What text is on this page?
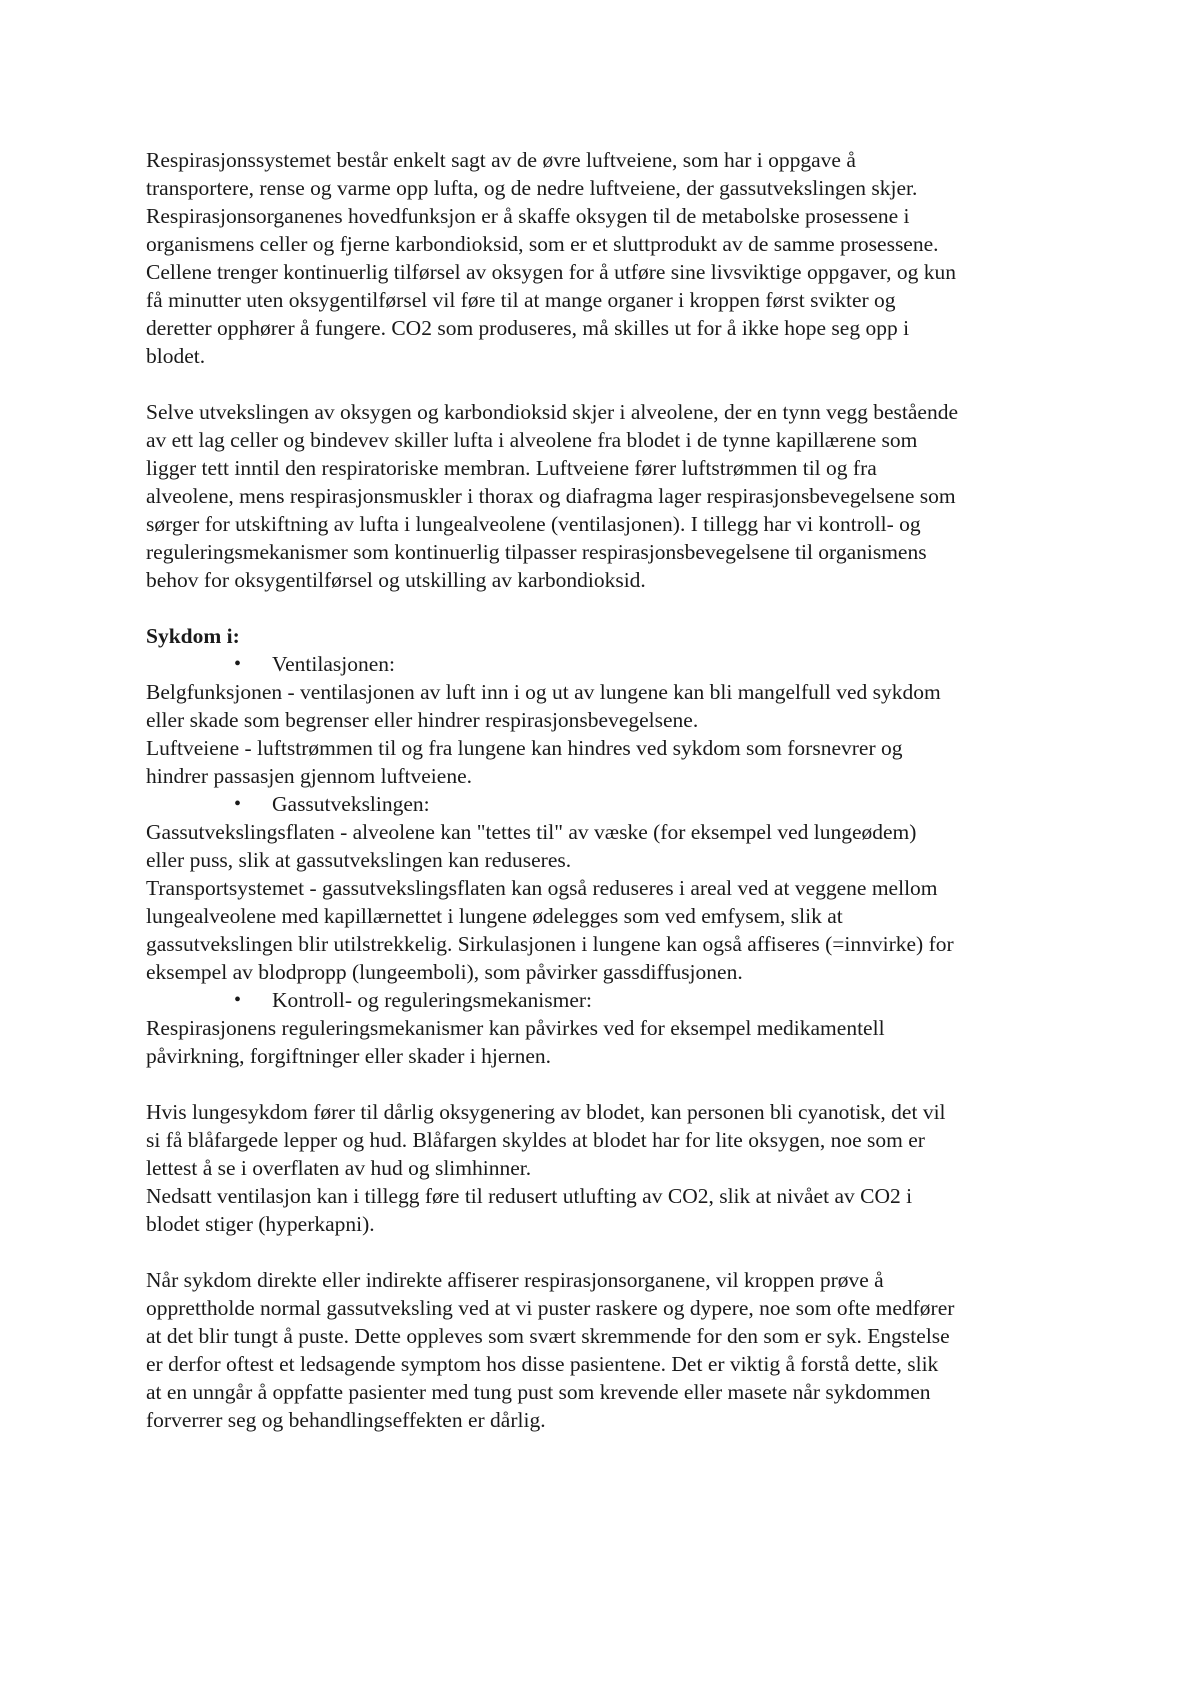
Respirasjonssystemet består enkelt sagt av de øvre luftveiene, som har i oppgave å
transportere, rense og varme opp lufta, og de nedre luftveiene, der gassutvekslingen skjer.
Respirasjonsorganenes hovedfunksjon er å skaffe oksygen til de metabolske prosessene i
organismens celler og fjerne karbondioksid, som er et sluttprodukt av de samme prosessene.
Cellene trenger kontinuerlig tilførsel av oksygen for å utføre sine livsviktige oppgaver, og kun
få minutter uten oksygentilførsel vil føre til at mange organer i kroppen først svikter og
deretter opphører å fungere. CO2 som produseres, må skilles ut for å ikke hope seg opp i
blodet.

Selve utvekslingen av oksygen og karbondioksid skjer i alveolene, der en tynn vegg bestående
av ett lag celler og bindevev skiller lufta i alveolene fra blodet i de tynne kapillærene som
ligger tett inntil den respiratoriske membran. Luftveiene fører luftstrømmen til og fra
alveolene, mens respirasjonsmuskler i thorax og diafragma lager respirasjonsbevegelsene som
sørger for utskiftning av lufta i lungealveolene (ventilasjonen). I tillegg har vi kontroll- og
reguleringsmekanismer som kontinuerlig tilpasser respirasjonsbevegelsene til organismens
behov for oksygentilførsel og utskilling av karbondioksid.

Sykdom i:
• Ventilasjonen:
Belgfunksjonen - ventilasjonen av luft inn i og ut av lungene kan bli mangelfull ved sykdom
eller skade som begrenser eller hindrer respirasjonsbevegelsene.
Luftveiene - luftstrømmen til og fra lungene kan hindres ved sykdom som forsnevrer og
hindrer passasjen gjennom luftveiene.
• Gassutvekslingen:
Gassutvekslingsflaten - alveolene kan "tettes til" av væske (for eksempel ved lungeødem)
eller puss, slik at gassutvekslingen kan reduseres.
Transportsystemet - gassutvekslingsflaten kan også reduseres i areal ved at veggene mellom
lungealveolene med kapillærnettet i lungene ødelegges som ved emfysem, slik at
gassutvekslingen blir utilstrekkelig. Sirkulasjonen i lungene kan også affiseres (=innvirke) for
eksempel av blodpropp (lungeemboli), som påvirker gassdiffusjonen.
• Kontroll- og reguleringsmekanismer:
Respirasjonens reguleringsmekanismer kan påvirkes ved for eksempel medikamentell
påvirkning, forgiftninger eller skader i hjernen.

Hvis lungesykdom fører til dårlig oksygenering av blodet, kan personen bli cyanotisk, det vil
si få blåfargede lepper og hud. Blåfargen skyldes at blodet har for lite oksygen, noe som er
lettest å se i overflaten av hud og slimhinner.
Nedsatt ventilasjon kan i tillegg føre til redusert utlufting av CO2, slik at nivået av CO2 i
blodet stiger (hyperkapni).

Når sykdom direkte eller indirekte affiserer respirasjonsorganene, vil kroppen prøve å
opprettholde normal gassutveksling ved at vi puster raskere og dypere, noe som ofte medfører
at det blir tungt å puste. Dette oppleves som svært skremmende for den som er syk. Engstelse
er derfor oftest et ledsagende symptom hos disse pasientene. Det er viktig å forstå dette, slik
at en unngår å oppfatte pasienter med tung pust som krevende eller masete når sykdommen
forverrer seg og behandlingseffekten er dårlig.
